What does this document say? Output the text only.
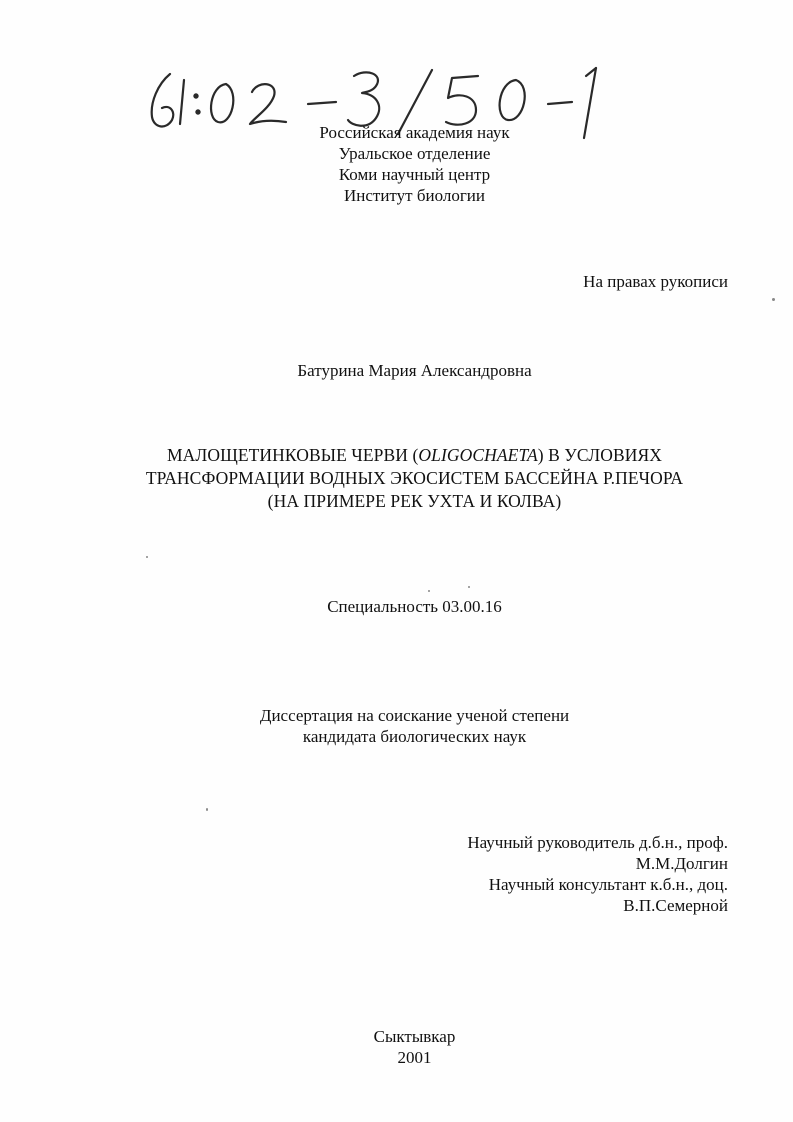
Российская академия наук
Уральское отделение
Коми научный центр
Институт биологии
На правах рукописи
Батурина Мария Александровна
МАЛОЩЕТИНКОВЫЕ ЧЕРВИ (OLIGOCHAETA) В УСЛОВИЯХ
ТРАНСФОРМАЦИИ ВОДНЫХ ЭКОСИСТЕМ БАССЕЙНА Р.ПЕЧОРА
(НА ПРИМЕРЕ РЕК УХТА И КОЛВА)
Специальность 03.00.16
Диссертация на соискание ученой степени
кандидата биологических наук
Научный руководитель д.б.н., проф.
М.М.Долгин
Научный консультант к.б.н., доц.
В.П.Семерной
Сыктывкар
2001
